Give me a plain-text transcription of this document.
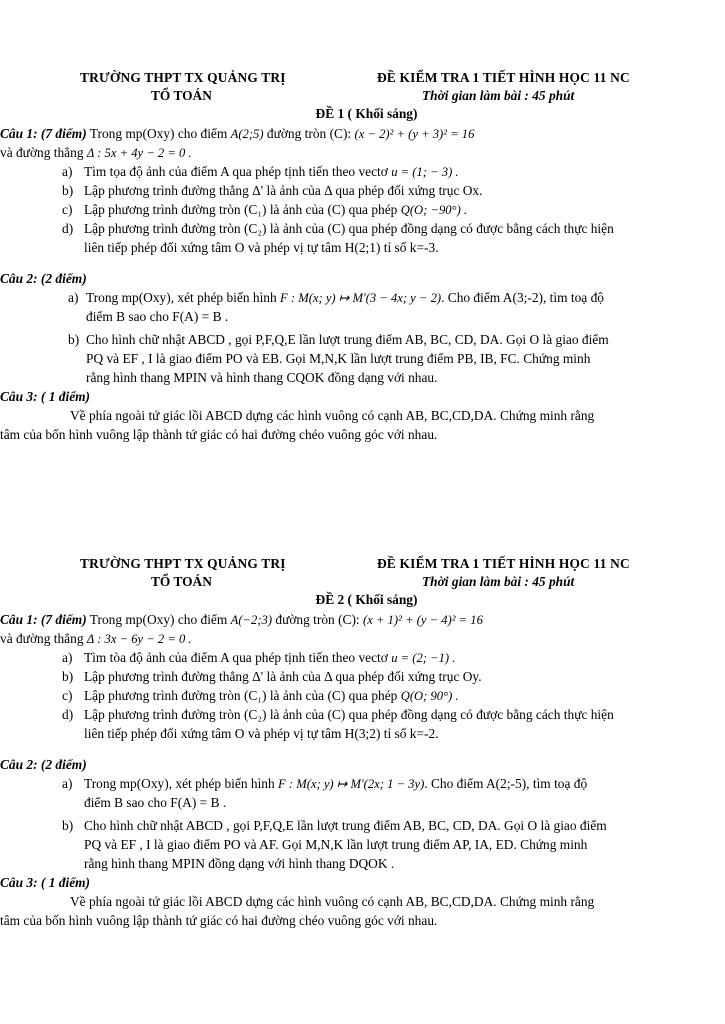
TRƯỜNG THPT TX QUẢNG TRỊ	ĐỀ KIỂM TRA 1 TIẾT HÌNH HỌC 11 NC
TỔ TOÁN	Thời gian làm bài : 45 phút
ĐỀ 1 ( Khối sáng)
Câu 1: (7 điểm) Trong mp(Oxy) cho điểm A(2;5) đường tròn (C): (x − 2)² + (y + 3)² = 16
và đường thẳng Δ : 5x + 4y − 2 = 0 .
a) Tìm tọa độ ảnh của điểm A qua phép tịnh tiến theo vectơ u = (1; − 3) .
b) Lập phương trình đường thẳng Δ' là ảnh của Δ qua phép đối xứng trục Ox.
c) Lập phương trình đường tròn (C₁) là ảnh của (C) qua phép Q(O; −90°) .
d) Lập phương trình đường tròn (C₂) là ảnh của (C) qua phép đồng dạng có được bằng cách thực hiện
liên tiếp phép đối xứng tâm O và phép vị tự tâm H(2;1) tỉ số k=-3.
Câu 2: (2 điểm)
a) Trong mp(Oxy), xét phép biến hình F : M(x; y) ↦ M'(3 − 4x; y − 2). Cho điểm A(3;-2), tìm toạ độ
điểm B sao cho F(A) = B .
b) Cho hình chữ nhật ABCD , gọi P,F,Q,E lần lượt trung điểm AB, BC, CD, DA. Gọi O là giao điểm
PQ và EF , I là giao điểm PO và EB. Gọi M,N,K lần lượt trung điểm PB, IB, FC. Chứng minh
rằng hình thang MPIN và hình thang CQOK đồng dạng với nhau.
Câu 3: ( 1 điểm)
Về phía ngoài tứ giác lồi ABCD dựng các hình vuông có cạnh AB, BC,CD,DA. Chứng minh rằng
tâm của bốn hình vuông lập thành tứ giác có hai đường chéo vuông góc với nhau.
TRƯỜNG THPT TX QUẢNG TRỊ	ĐỀ KIỂM TRA 1 TIẾT HÌNH HỌC 11 NC
TỔ TOÁN	Thời gian làm bài : 45 phút
ĐỀ 2 ( Khối sáng)
Câu 1: (7 điểm) Trong mp(Oxy) cho điểm A(−2;3) đường tròn (C): (x + 1)² + (y − 4)² = 16
và đường thẳng Δ : 3x − 6y − 2 = 0 .
a) Tìm tòa độ ảnh của điểm A qua phép tịnh tiến theo vectơ u = (2; −1) .
b) Lập phương trình đường thẳng Δ' là ảnh của Δ qua phép đối xứng trục Oy.
c) Lập phương trình đường tròn (C₁) là ảnh của (C) qua phép Q(O; 90°) .
d) Lập phương trình đường tròn (C₂) là ảnh của (C) qua phép đồng dạng có được bằng cách thực hiện
liên tiếp phép đối xứng tâm O và phép vị tự tâm H(3;2) tỉ số k=-2.
Câu 2: (2 điểm)
a) Trong mp(Oxy), xét phép biến hình F : M(x; y) ↦ M'(2x; 1 − 3y). Cho điểm A(2;-5), tìm toạ độ
điểm B sao cho F(A) = B .
b) Cho hình chữ nhật ABCD , gọi P,F,Q,E lần lượt trung điểm AB, BC, CD, DA. Gọi O là giao điểm
PQ và EF , I là giao điểm PO và AF. Gọi M,N,K lần lượt trung điểm AP, IA, ED. Chứng minh
rằng hình thang MPIN đồng dạng với hình thang DQOK .
Câu 3: ( 1 điểm)
Về phía ngoài tứ giác lồi ABCD dựng các hình vuông có cạnh AB, BC,CD,DA. Chứng minh rằng
tâm của bốn hình vuông lập thành tứ giác có hai đường chéo vuông góc với nhau.
